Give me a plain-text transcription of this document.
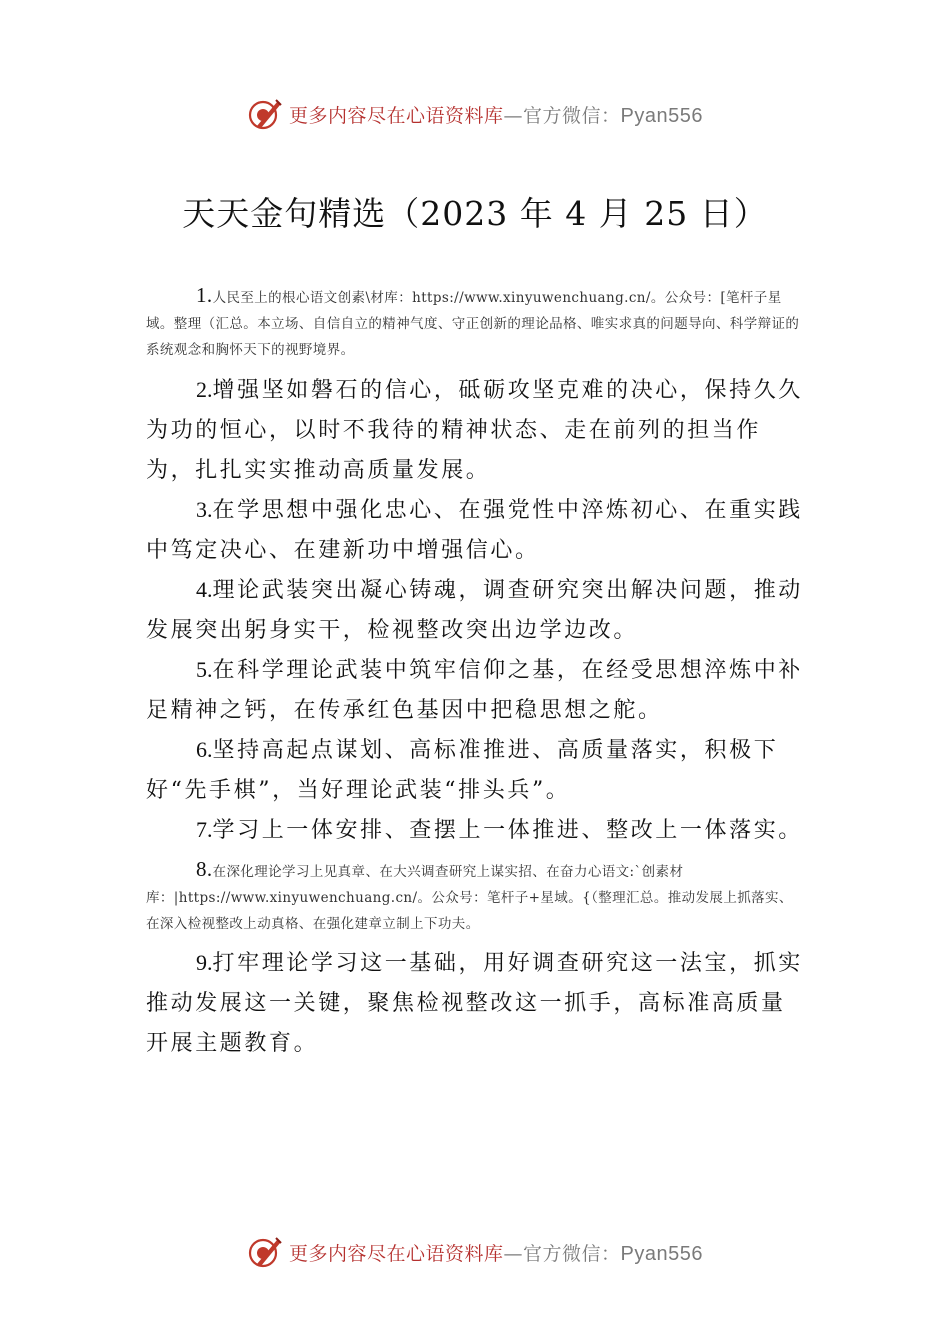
更多内容尽在心语资料库—官方微信：Pyan556
天天金句精选（2023 年 4 月 25 日）

1.人民至上的根心语文创素\材库：https://www.xinyuwenchuang.cn/。公众号：[笔杆子星域。整理（汇总。本立场、自信自立的精神气度、守正创新的理论品格、唯实求真的问题导向、科学辩证的系统观念和胸怀天下的视野境界。

2.增强坚如磐石的信心，砥砺攻坚克难的决心，保持久久为功的恒心，以时不我待的精神状态、走在前列的担当作为，扎扎实实推动高质量发展。

3.在学思想中强化忠心、在强党性中淬炼初心、在重实践中笃定决心、在建新功中增强信心。

4.理论武装突出凝心铸魂，调查研究突出解决问题，推动发展突出躬身实干，检视整改突出边学边改。

5.在科学理论武装中筑牢信仰之基，在经受思想淬炼中补足精神之钙，在传承红色基因中把稳思想之舵。

6.坚持高起点谋划、高标准推进、高质量落实，积极下好“先手棋”，当好理论武装“排头兵”。

7.学习上一体安排、查摆上一体推进、整改上一体落实。

8.在深化理论学习上见真章、在大兴调查研究上谋实招、在奋力心语文:`创素材库：|https://www.xinyuwenchuang.cn/。公众号：笔杆子+星域。{（整理汇总。推动发展上抓落实、在深入检视整改上动真格、在强化建章立制上下功夫。

9.打牢理论学习这一基础，用好调查研究这一法宝，抓实推动发展这一关键，聚焦检视整改这一抓手，高标准高质量开展主题教育。

更多内容尽在心语资料库—官方微信：Pyan556
